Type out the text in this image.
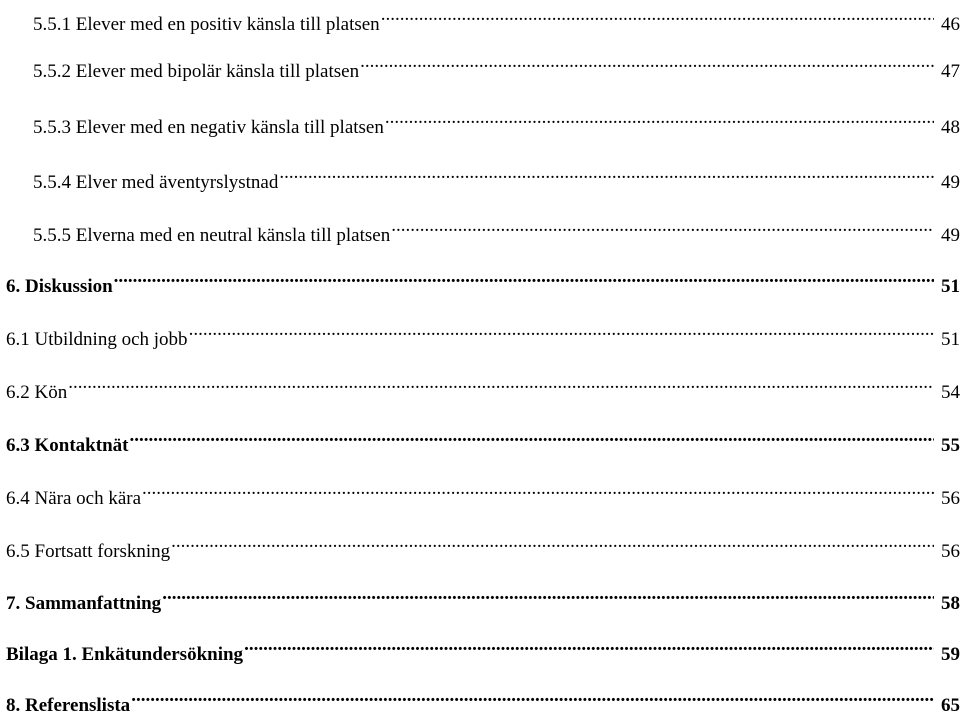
5.5.1 Elever med en positiv känsla till platsen .....	46
5.5.2 Elever med bipolär känsla till platsen .....	47
5.5.3 Elever med en negativ känsla till platsen .....	48
5.5.4 Elver med äventyrslystnad .....	49
5.5.5 Elverna med en neutral känsla till platsen .....	49
6. Diskussion .....	51
6.1 Utbildning och jobb .....	51
6.2 Kön .....	54
6.3 Kontaktnät .....	55
6.4 Nära och kära .....	56
6.5 Fortsatt forskning .....	56
7. Sammanfattning .....	58
Bilaga 1. Enkätundersökning .....	59
8. Referenslista .....	65
